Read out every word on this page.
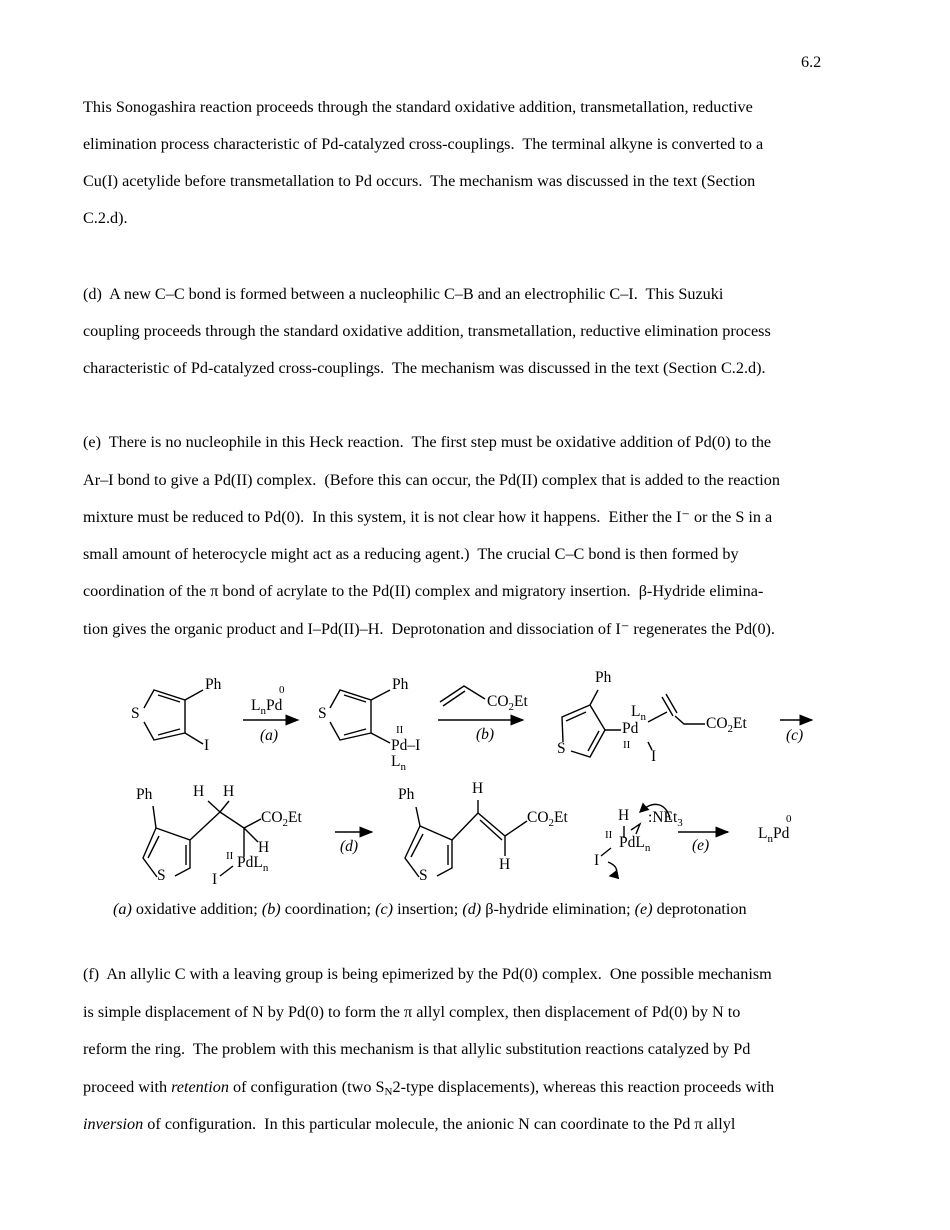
6.2
This Sonogashira reaction proceeds through the standard oxidative addition, transmetallation, reductive
elimination process characteristic of Pd-catalyzed cross-couplings.  The terminal alkyne is converted to a
Cu(I) acetylide before transmetallation to Pd occurs.  The mechanism was discussed in the text (Section
C.2.d).
(d)  A new C–C bond is formed between a nucleophilic C–B and an electrophilic C–I.  This Suzuki
coupling proceeds through the standard oxidative addition, transmetallation, reductive elimination process
characteristic of Pd-catalyzed cross-couplings.  The mechanism was discussed in the text (Section C.2.d).
(e)  There is no nucleophile in this Heck reaction.  The first step must be oxidative addition of Pd(0) to the
Ar–I bond to give a Pd(II) complex.  (Before this can occur, the Pd(II) complex that is added to the reaction
mixture must be reduced to Pd(0).  In this system, it is not clear how it happens.  Either the I⁻ or the S in a
small amount of heterocycle might act as a reducing agent.)  The crucial C–C bond is then formed by
coordination of the π bond of acrylate to the Pd(II) complex and migratory insertion.  β-Hydride elimina-
tion gives the organic product and I–Pd(II)–H.  Deprotonation and dissociation of I⁻ regenerates the Pd(0).
S
Ph
I
$L_nPd$
0
(a)
S
Ph
II
Pd–I
$L_n$
$CO_2Et$
(b)
Ph
S
$L_n$
Pd
II
I
$CO_2Et$
(c)
Ph
S
H H
$CO_2Et$
H
II PdL$_n$
I
(d)
Ph
S
H
$CO_2Et$
H
H
II PdL$_n$
I
:NEt$_3$
(e)
$L_nPd$
0
(a) oxidative addition; (b) coordination; (c) insertion; (d) β-hydride elimination; (e) deprotonation
(f)  An allylic C with a leaving group is being epimerized by the Pd(0) complex.  One possible mechanism
is simple displacement of N by Pd(0) to form the π allyl complex, then displacement of Pd(0) by N to
reform the ring.  The problem with this mechanism is that allylic substitution reactions catalyzed by Pd
proceed with retention of configuration (two $S_N2$-type displacements), whereas this reaction proceeds with
inversion of configuration.  In this particular molecule, the anionic N can coordinate to the Pd π allyl
